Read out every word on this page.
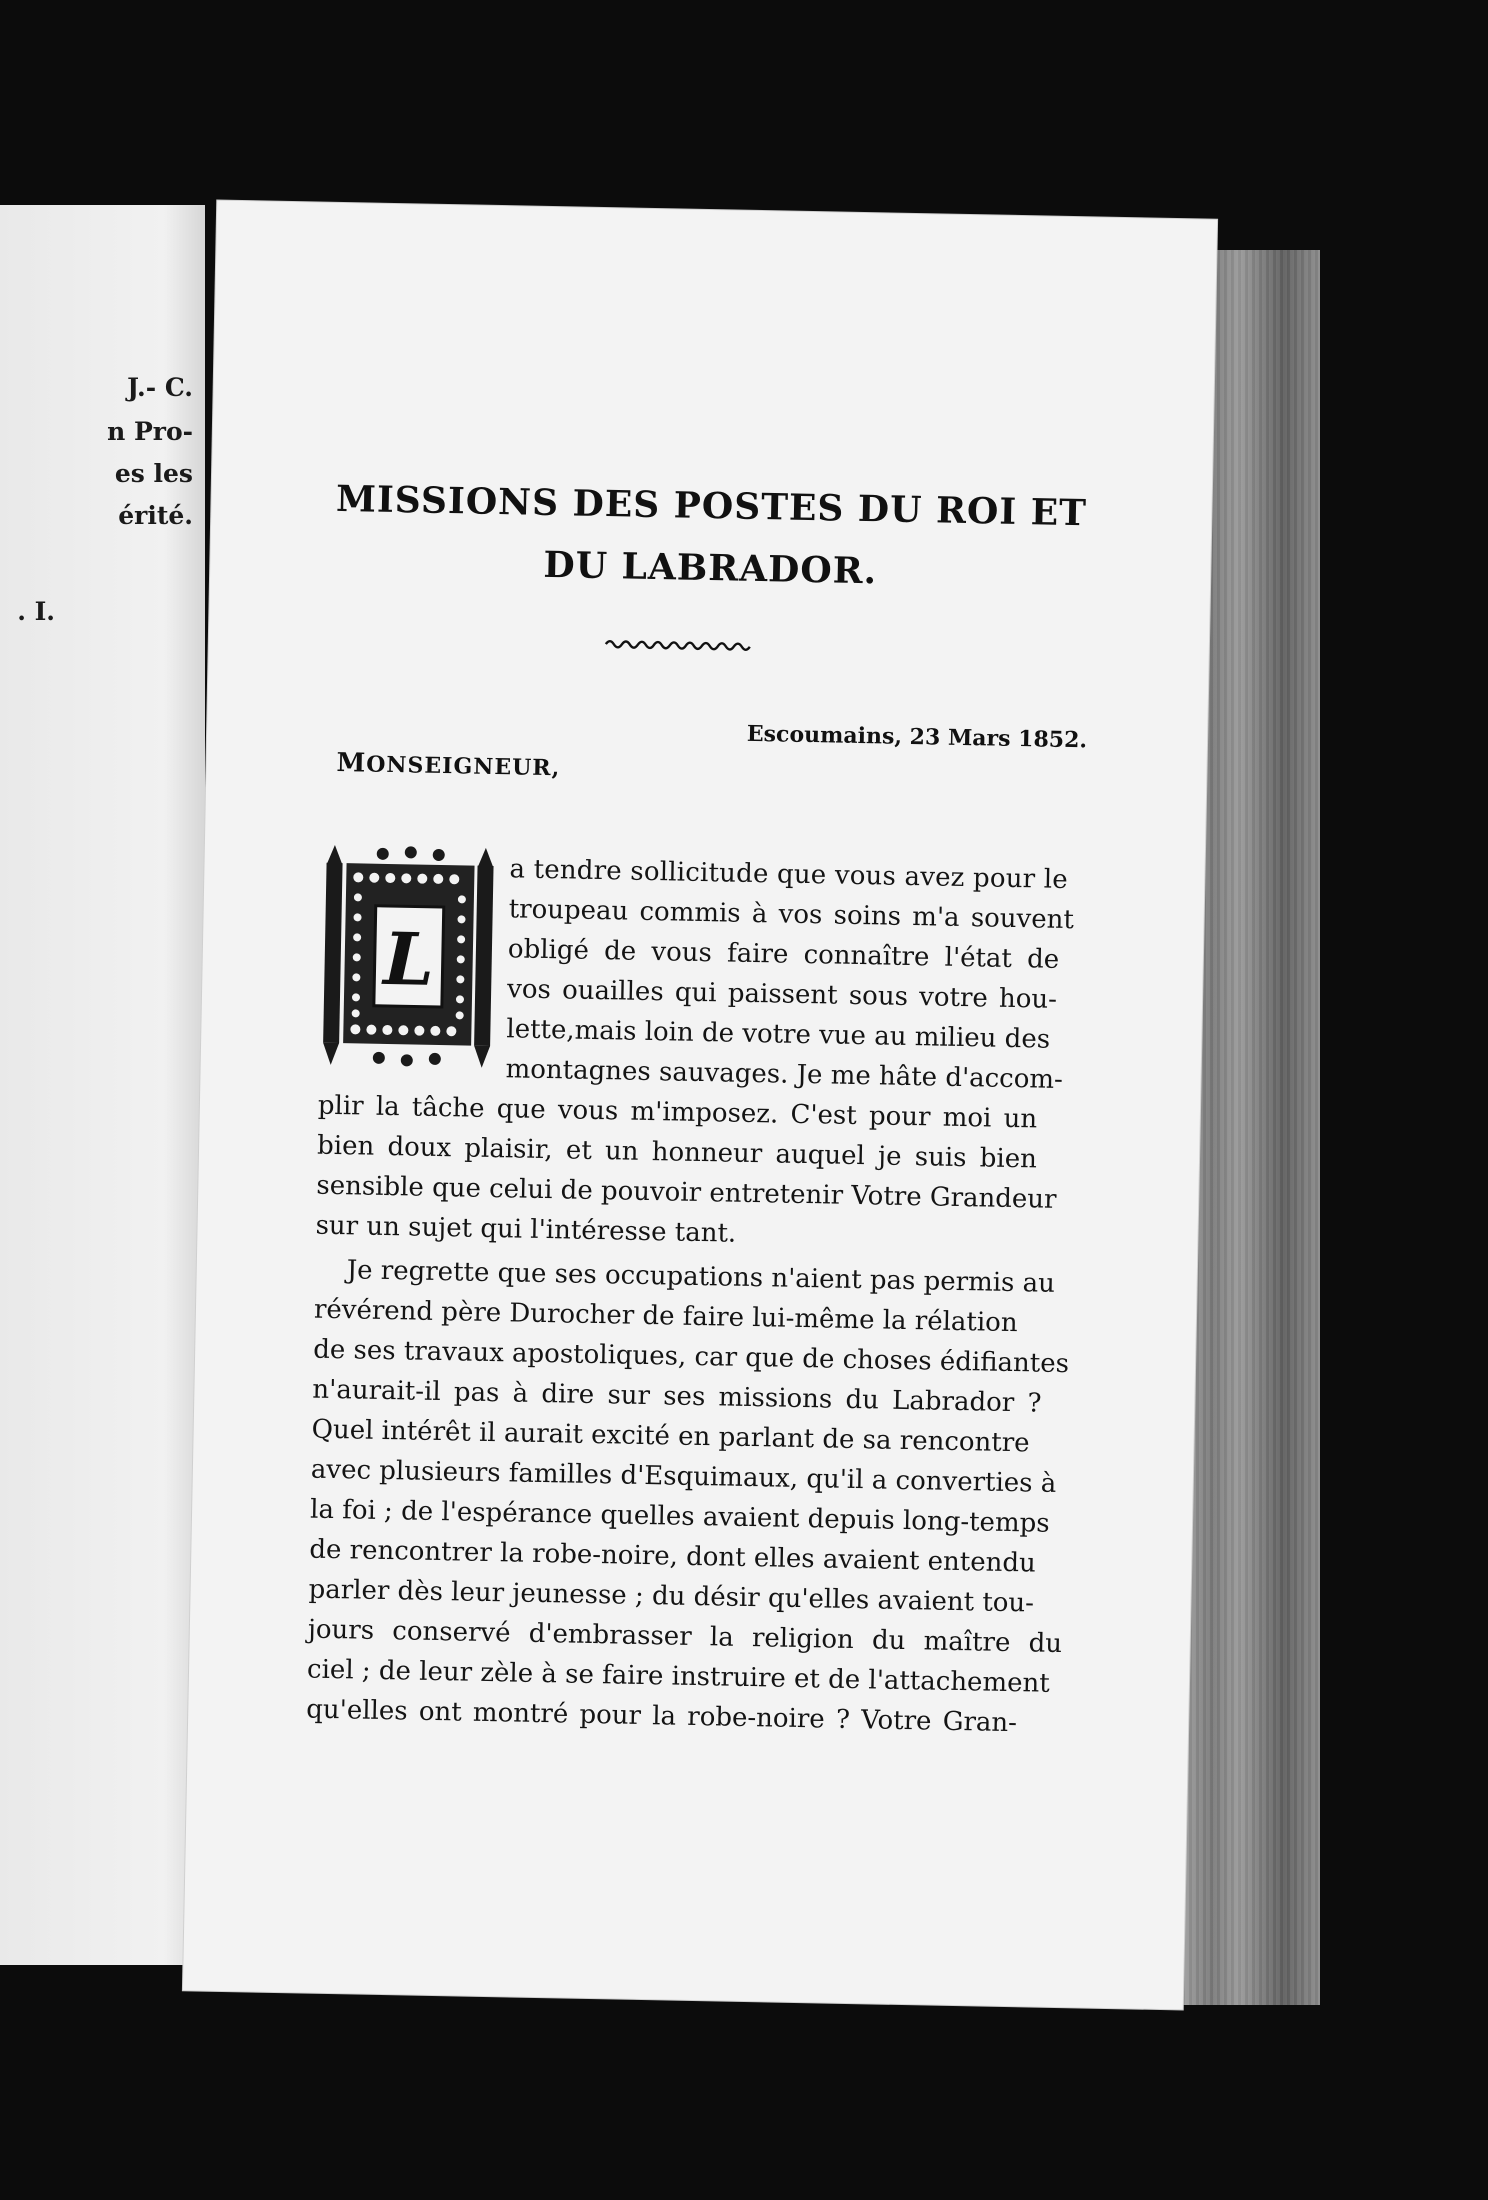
J.- C.
n Pro-
es les
érité.
. I.
MISSIONS DES POSTES DU ROI ET
DU LABRADOR.
Escoumains, 23 Mars 1852.
MONSEIGNEUR,
L
a tendre sollicitude que vous avez pour le
troupeau commis à vos soins m'a souvent
obligé de vous faire connaître l'état de
vos ouailles qui paissent sous votre hou-
lette,mais loin de votre vue au milieu des
montagnes sauvages. Je me hâte d'accom-
plir la tâche que vous m'imposez. C'est pour moi un
bien doux plaisir, et un honneur auquel je suis bien
sensible que celui de pouvoir entretenir Votre Grandeur
sur un sujet qui l'intéresse tant.
Je regrette que ses occupations n'aient pas permis au
révérend père Durocher de faire lui-même la rélation
de ses travaux apostoliques, car que de choses édifiantes
n'aurait-il pas à dire sur ses missions du Labrador ?
Quel intérêt il aurait excité en parlant de sa rencontre
avec plusieurs familles d'Esquimaux, qu'il a converties à
la foi ; de l'espérance quelles avaient depuis long-temps
de rencontrer la robe-noire, dont elles avaient entendu
parler dès leur jeunesse ; du désir qu'elles avaient tou-
jours conservé d'embrasser la religion du maître du
ciel ; de leur zèle à se faire instruire et de l'attachement
qu'elles ont montré pour la robe-noire ? Votre Gran-
